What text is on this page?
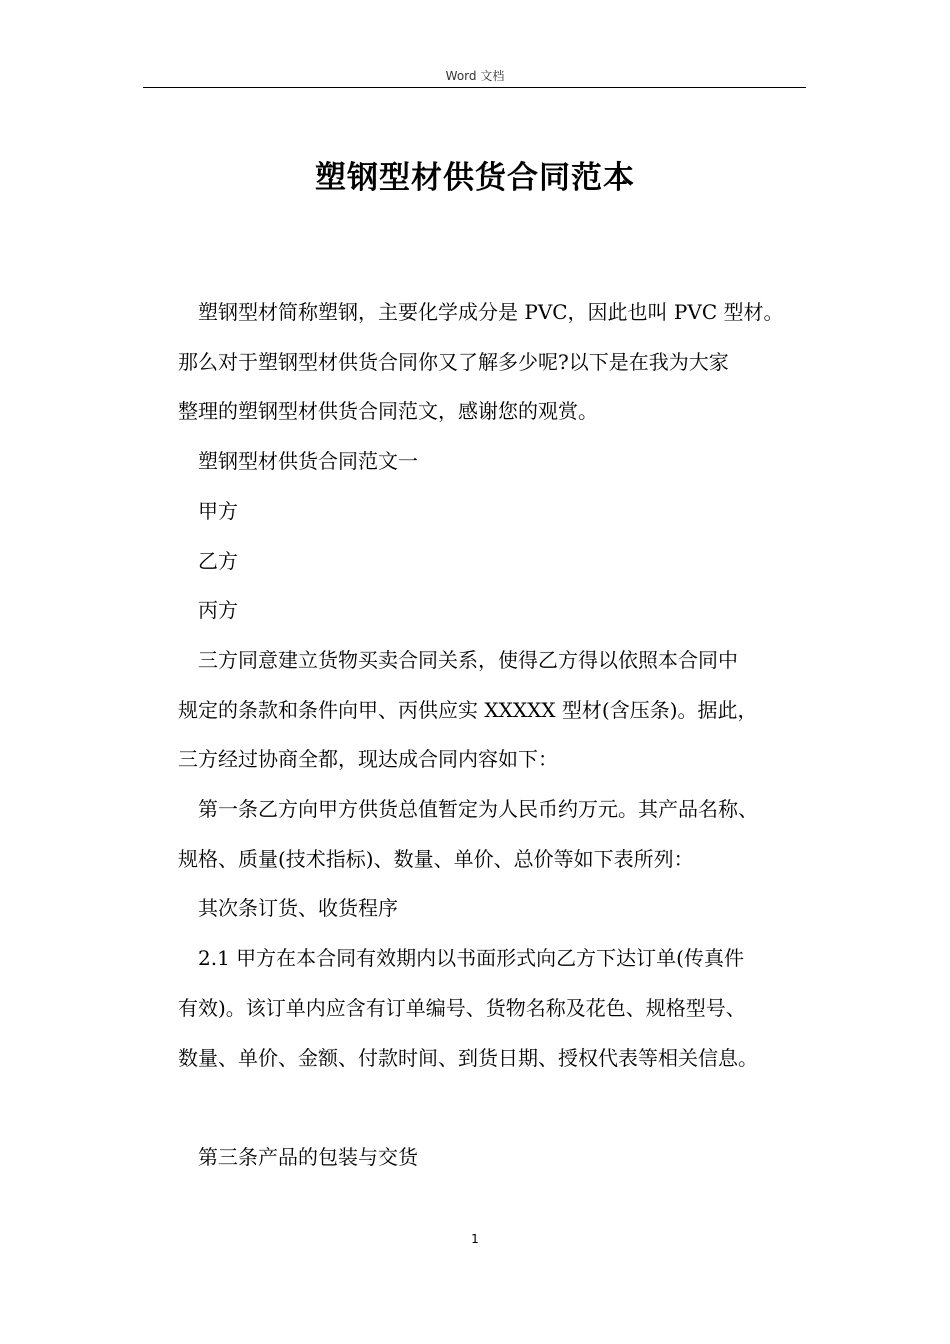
Word 文档
塑钢型材供货合同范本

塑钢型材简称塑钢，主要化学成分是 PVC，因此也叫 PVC 型材。
那么对于塑钢型材供货合同你又了解多少呢?以下是在我为大家
整理的塑钢型材供货合同范文，感谢您的观赏。

塑钢型材供货合同范文一

甲方

乙方

丙方

三方同意建立货物买卖合同关系，使得乙方得以依照本合同中
规定的条款和条件向甲、丙供应实 XXXXX 型材(含压条)。据此，
三方经过协商全都，现达成合同内容如下：

第一条乙方向甲方供货总值暂定为人民币约万元。其产品名称、
规格、质量(技术指标)、数量、单价、总价等如下表所列：

其次条订货、收货程序

2.1 甲方在本合同有效期内以书面形式向乙方下达订单(传真件
有效)。该订单内应含有订单编号、货物名称及花色、规格型号、
数量、单价、金额、付款时间、到货日期、授权代表等相关信息。

第三条产品的包装与交货

1
